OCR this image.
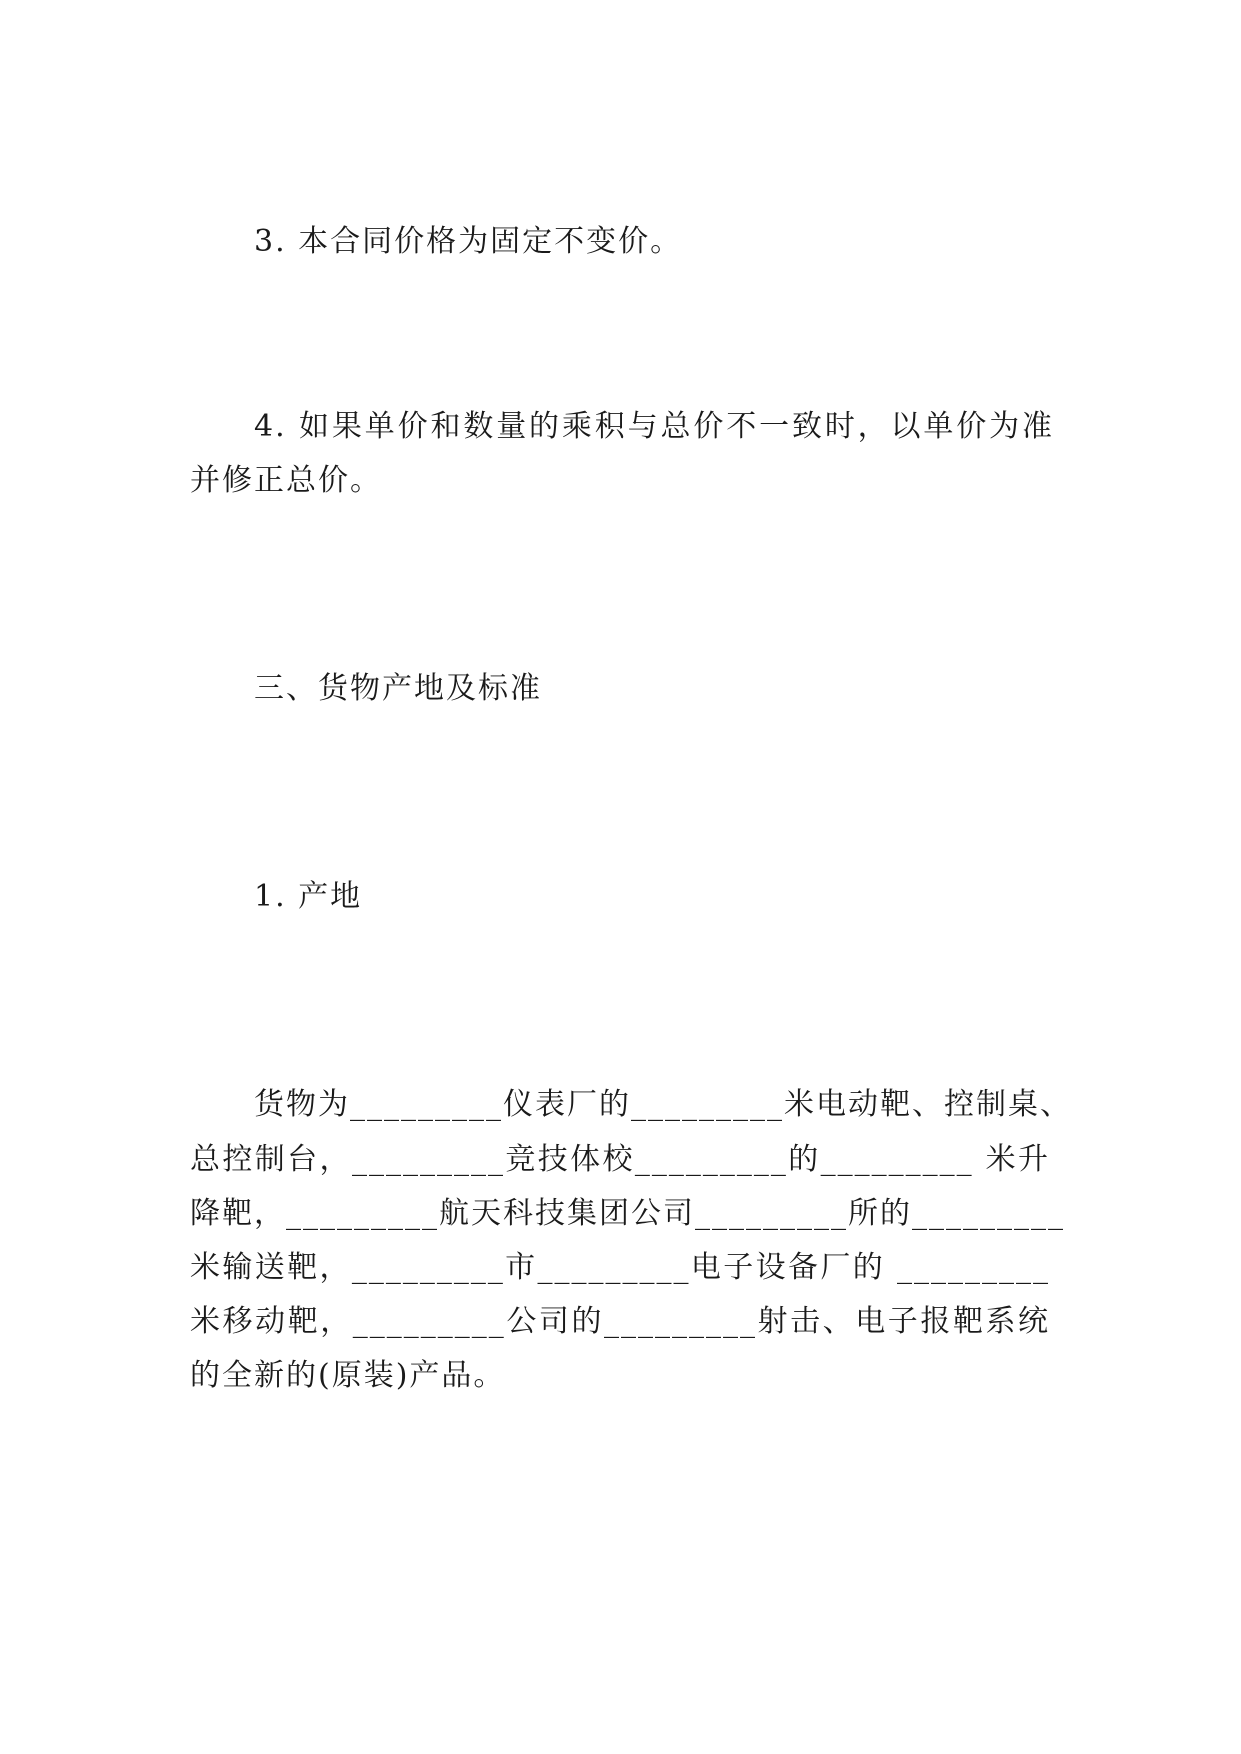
3. 本合同价格为固定不变价。
4. 如果单价和数量的乘积与总价不一致时，以单价为准
并修正总价。
三、货物产地及标准
1. 产地
货物为_________仪表厂的_________米电动靶、控制桌、
总控制台，_________竞技体校_________的_________ 米升
降靶，_________航天科技集团公司_________所的_________
米输送靶，_________市_________电子设备厂的 _________
米移动靶，_________公司的_________射击、电子报靶系统
的全新的(原装)产品。
